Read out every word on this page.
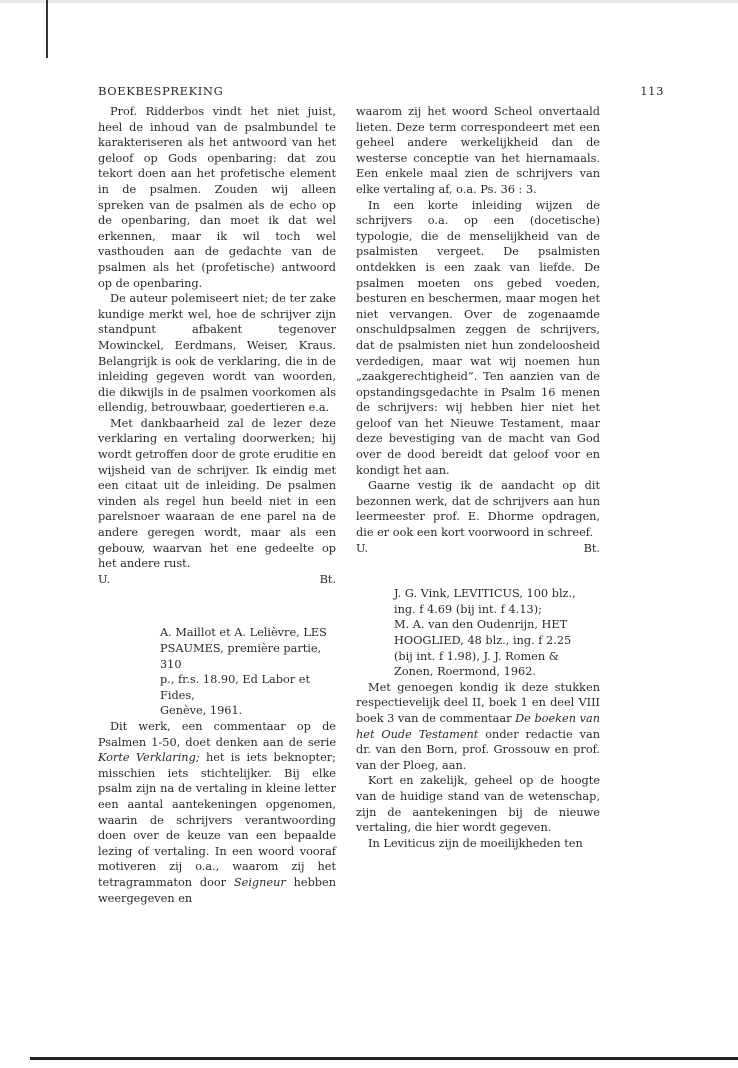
BOEKBESPREKING	113

Prof. Ridderbos vindt het niet juist, heel de inhoud van de psalmbundel te karakteriseren als het antwoord van het geloof op Gods openbaring: dat zou tekort doen aan het profetische element in de psalmen. Zouden wij alleen spreken van de psalmen als de echo op de openbaring, dan moet ik dat wel erkennen, maar ik wil toch wel vasthouden aan de gedachte van de psalmen als het (profetische) antwoord op de openbaring.

De auteur polemiseert niet; de ter zake kundige merkt wel, hoe de schrijver zijn standpunt afbakent tegenover Mowinckel, Eerdmans, Weiser, Kraus. Belangrijk is ook de verklaring, die in de inleiding gegeven wordt van woorden, die dikwijls in de psalmen voorkomen als ellendig, betrouwbaar, goedertieren e.a.

Met dankbaarheid zal de lezer deze verklaring en vertaling doorwerken; hij wordt getroffen door de grote eruditie en wijsheid van de schrijver. Ik eindig met een citaat uit de inleiding. De psalmen vinden als regel hun beeld niet in een parelsnoer waaraan de ene parel na de andere geregen wordt, maar als een gebouw, waarvan het ene gedeelte op het andere rust.

U.	Bt.

A. Maillot et A. Lelièvre, LES

PSAUMES, première partie, 310

p., fr.s. 18.90, Ed Labor et Fides,

Genève, 1961.

Dit werk, een commentaar op de Psalmen 1-50, doet denken aan de serie Korte Verklaring; het is iets beknopter; misschien iets stichtelijker. Bij elke psalm zijn na de vertaling in kleine letter een aantal aantekeningen opgenomen, waarin de schrijvers verantwoording doen over de keuze van een bepaalde lezing of vertaling. In een woord vooraf motiveren zij o.a., waarom zij het tetragrammaton door Seigneur hebben weergegeven en

waarom zij het woord Scheol onvertaald lieten. Deze term correspondeert met een geheel andere werkelijkheid dan de westerse conceptie van het hiernamaals. Een enkele maal zien de schrijvers van elke vertaling af, o.a. Ps. 36 : 3.

In een korte inleiding wijzen de schrijvers o.a. op een (docetische) typologie, die de menselijkheid van de psalmisten vergeet. De psalmisten ontdekken is een zaak van liefde. De psalmen moeten ons gebed voeden, besturen en beschermen, maar mogen het niet vervangen. Over de zogenaamde onschuldpsalmen zeggen de schrijvers, dat de psalmisten niet hun zondeloosheid verdedigen, maar wat wij noemen hun „zaakgerechtigheid”. Ten aanzien van de opstandingsgedachte in Psalm 16 menen de schrijvers: wij hebben hier niet het geloof van het Nieuwe Testament, maar deze bevestiging van de macht van God over de dood bereidt dat geloof voor en kondigt het aan.

Gaarne vestig ik de aandacht op dit bezonnen werk, dat de schrijvers aan hun leermeester prof. E. Dhorme opdragen, die er ook een kort voorwoord in schreef.

U.	Bt.

J. G. Vink, LEVITICUS, 100 blz.,

ing. f 4.69 (bij int. f 4.13);

M. A. van den Oudenrijn, HET

HOOGLIED, 48 blz., ing. f 2.25

(bij int. f 1.98), J. J. Romen &

Zonen, Roermond, 1962.

Met genoegen kondig ik deze stukken respectievelijk deel II, boek 1 en deel VIII boek 3 van de commentaar De boeken van het Oude Testament onder redactie van dr. van den Born, prof. Grossouw en prof. van der Ploeg, aan.

Kort en zakelijk, geheel op de hoogte van de huidige stand van de wetenschap, zijn de aantekeningen bij de nieuwe vertaling, die hier wordt gegeven.

In Leviticus zijn de moeilijkheden ten
